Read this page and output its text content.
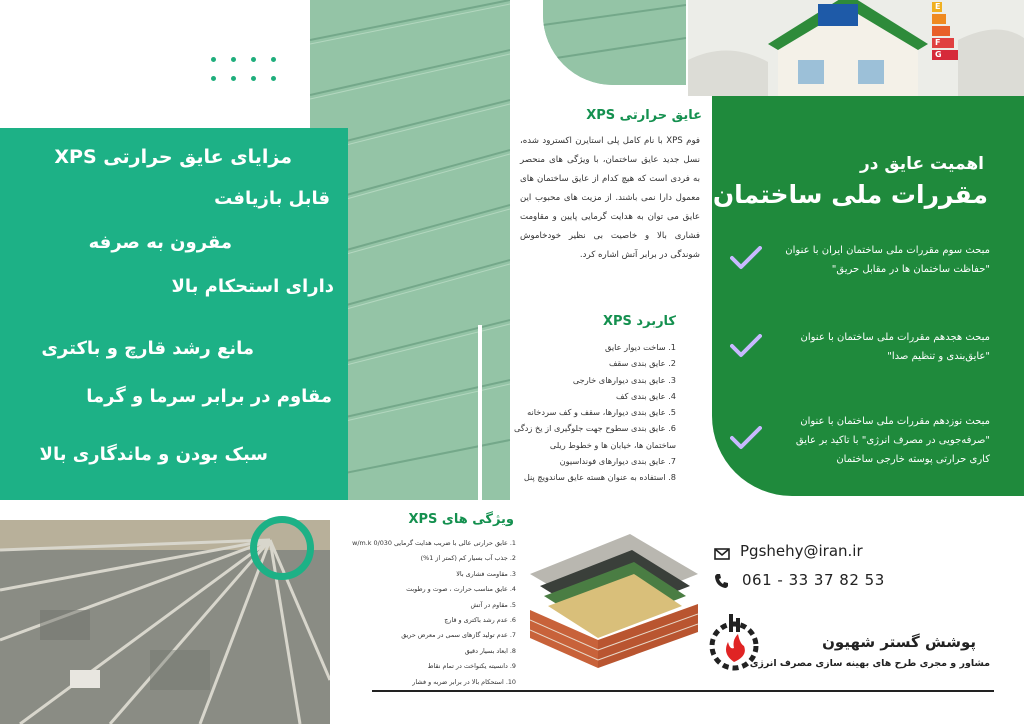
مزایای عایق حرارتی XPS
قابل بازیافت
مقرون به صرفه
دارای استحکام بالا
مانع رشد قارچ و باکتری
مقاوم در برابر سرما و گرما
سبک بودن و ماندگاری بالا
عایق حرارتی XPS
فوم XPS با نام کامل پلی استایرن اکسترود شده، نسل جدید عایق ساختمان، با ویژگی های منحصر به فردی است که هیچ کدام از عایق ساختمان های معمول دارا نمی باشند. از مزیت های محبوب این عایق می توان به هدایت گرمایی پایین و مقاومت فشاری بالا و خاصیت بی نظیر خودخاموش شوندگی در برابر آتش اشاره کرد.
کاربرد XPS
1. ساخت دیوار عایق
2. عایق بندی سقف
3. عایق بندی دیوارهای خارجی
4. عایق بندی کف
5. عایق بندی دیوارها، سقف و کف سردخانه
6. عایق بندی سطوح جهت جلوگیری از یخ زدگی ساختمان ها، خیابان ها و خطوط ریلی
7. عایق بندی دیوارهای فونداسیون
8. استفاده به عنوان هسته عایق ساندویچ پنل
ویژگی های XPS
1. عایق حرارتی عالی با ضریب هدایت گرمایی w/m.k 0/030
2. جذب آب بسیار کم (کمتر از 1%)
3. مقاومت فشاری بالا
4. عایق مناسب حرارت ، صوت و رطوبت
5. مقاوم در آتش
6. عدم رشد باکتری و قارچ
7. عدم تولید گازهای سمی در معرض حریق
8. ابعاد بسیار دقیق
9. دانسیته یکنواخت در تمام نقاط
10. استحکام بالا در برابر ضربه و فشار
E
F
G
اهمیت عایق در
مقررات ملی ساختمان
مبحث سوم مقررات ملی ساختمان ایران با عنوان "حفاظت ساختمان ها در مقابل حریق"
مبحث هجدهم مقررات ملی ساختمان با عنوان "عایق‌بندی و تنظیم صدا"
مبحث نوزدهم مقررات ملی ساختمان با عنوان "صرفه‌جویی در مصرف انرژی" با تاکید بر عایق کاری حرارتی پوسته خارجی ساختمان
Pgshehy@iran.ir
061 - 33 37 82 53
پوشش گستر شهیون
مشاور و مجری طرح های بهینه سازی مصرف انرژی
